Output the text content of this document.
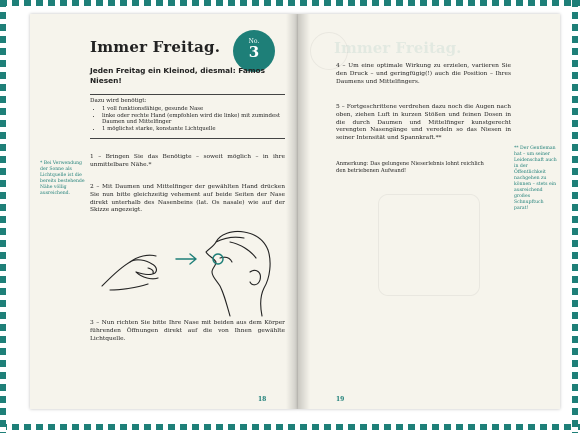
Immer Freitag.	No.
3
Jeden Freitag ein Kleinod, diesmal: Famos Niesen!
Dazu wird benötigt:
• 1 voll funktionsfähige, gesunde Nase
• linke oder rechte Hand (empfohlen wird die linke) mit zumindest Daumen und Mittelfinger
• 1 möglichst starke, konstante Lichtquelle
* Bei Verwendung der Sonne als Lichtquelle ist die bereits bestehende Nähe völlig ausreichend.
1 – Bringen Sie das Benötigte – soweit möglich – in ihre unmittelbare Nähe.*
2 – Mit Daumen und Mittelfinger der gewählten Hand drücken Sie nun bitte gleichzeitig vehement auf beide Seiten der Nase direkt unterhalb des Nasenbeins (lat. Os nasale) wie auf der Skizze angezeigt.
3 – Nun richten Sie bitte Ihre Nase mit beiden aus dem Körper führenden Öffnungen direkt auf die von Ihnen gewählte Lichtquelle.
18
Immer Freitag.
4 – Um eine optimale Wirkung zu erzielen, variieren Sie den Druck – und geringfügig(!) auch die Position – Ihres Daumens und Mittelfingers.
5 – Fortgeschrittene verdrehen dazu noch die Augen nach oben, ziehen Luft in kurzen Stößen und feinen Dosen in die durch Daumen und Mittelfinger kunstgerecht verengten Nasengänge und veredeln so das Niesen in seiner Intensität und Spannkraft.**
Anmerkung: Das gelungene Nieserlebnis lohnt reichlich den betriebenen Aufwand!
** Der Gentleman hat – um seiner Leidenschaft auch in der Öffentlichkeit nachgehen zu können – stets ein ausreichend großes Schnupftuch parat!
19
